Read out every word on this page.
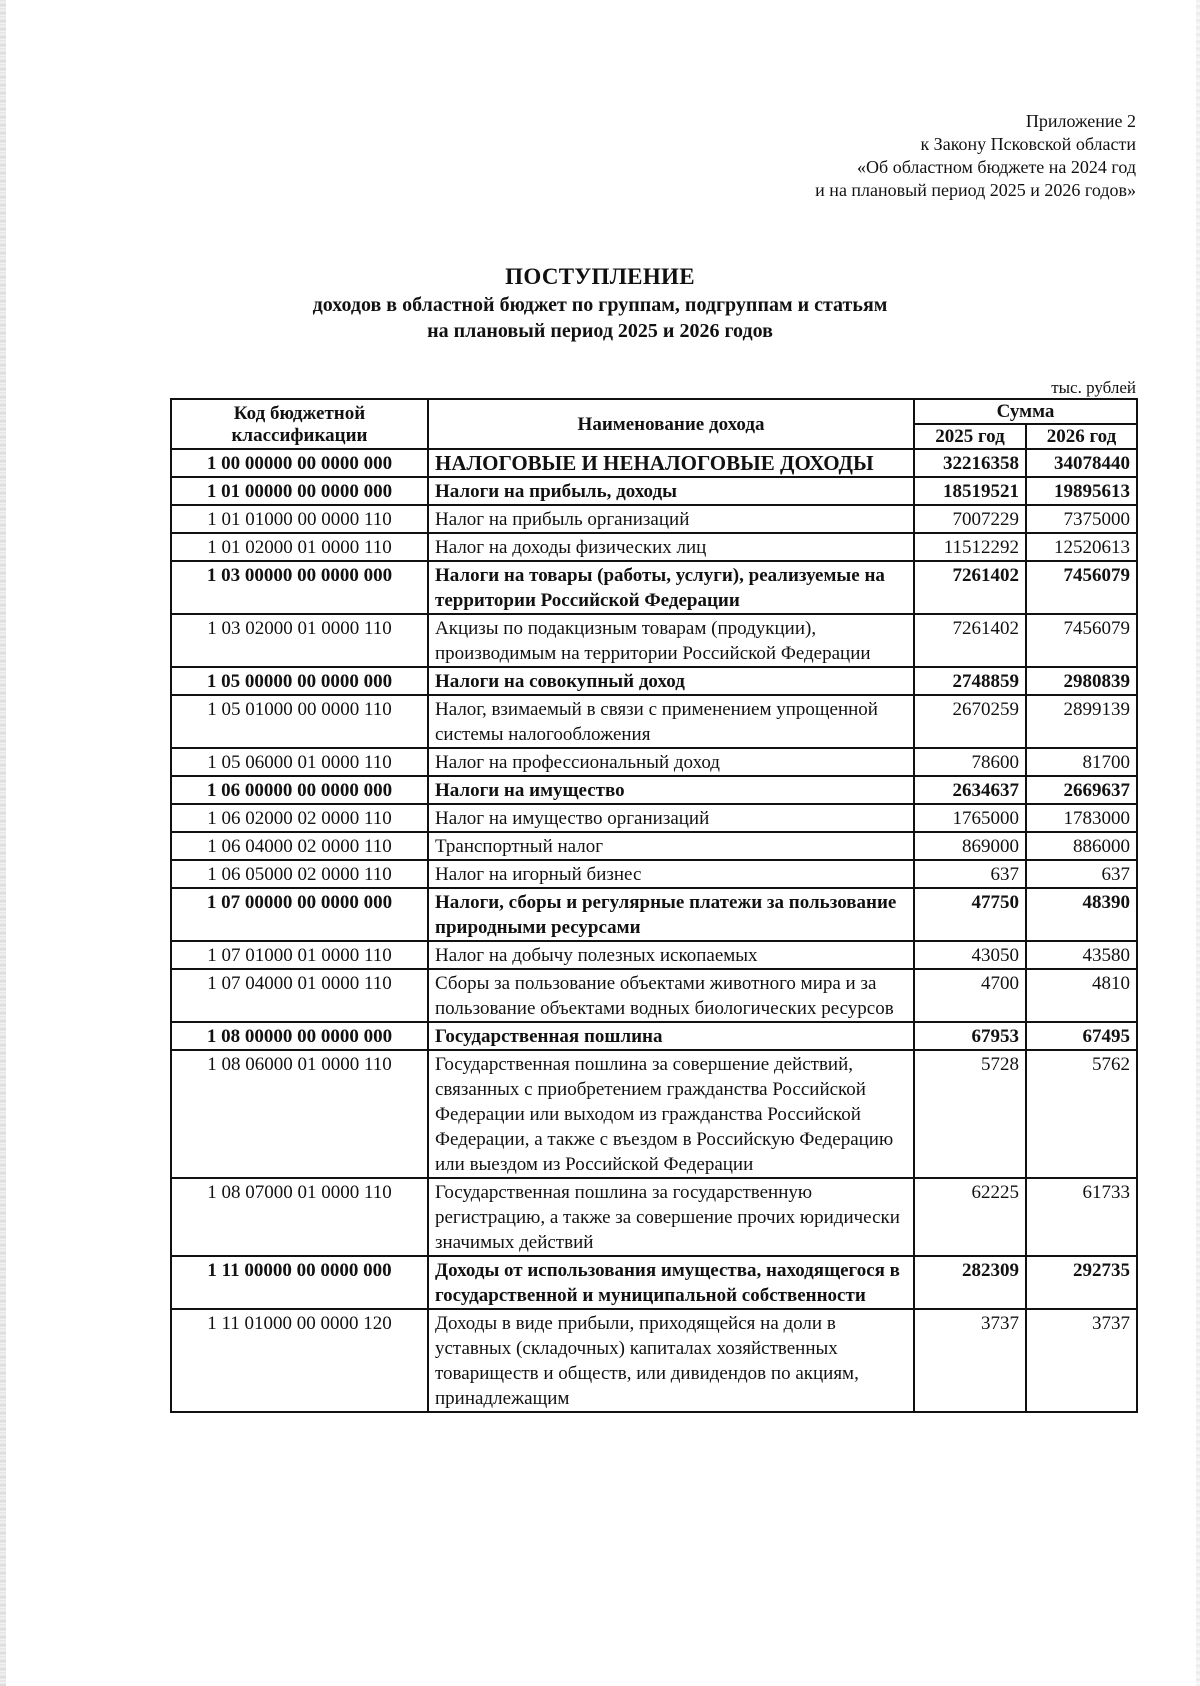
Приложение 2
к Закону Псковской области
«Об областном бюджете на 2024 год
и на плановый период 2025 и 2026 годов»
ПОСТУПЛЕНИЕ
доходов в областной бюджет по группам, подгруппам и статьям
на плановый период 2025 и 2026 годов
тыс. рублей
Код бюджетной классификации	Наименование дохода	Сумма	
		2025 год	2026 год
1 00 00000 00 0000 000	НАЛОГОВЫЕ И НЕНАЛОГОВЫЕ ДОХОДЫ	32216358	34078440
1 01 00000 00 0000 000	Налоги на прибыль, доходы	18519521	19895613
1 01 01000 00 0000 110	Налог на прибыль организаций	7007229	7375000
1 01 02000 01 0000 110	Налог на доходы физических лиц	11512292	12520613
1 03 00000 00 0000 000	Налоги на товары (работы, услуги), реализуемые на территории Российской Федерации	7261402	7456079
1 03 02000 01 0000 110	Акцизы по подакцизным товарам (продукции), производимым на территории Российской Федерации	7261402	7456079
1 05 00000 00 0000 000	Налоги на совокупный доход	2748859	2980839
1 05 01000 00 0000 110	Налог, взимаемый в связи с применением упрощенной системы налогообложения	2670259	2899139
1 05 06000 01 0000 110	Налог на профессиональный доход	78600	81700
1 06 00000 00 0000 000	Налоги на имущество	2634637	2669637
1 06 02000 02 0000 110	Налог на имущество организаций	1765000	1783000
1 06 04000 02 0000 110	Транспортный налог	869000	886000
1 06 05000 02 0000 110	Налог на игорный бизнес	637	637
1 07 00000 00 0000 000	Налоги, сборы и регулярные платежи за пользование природными ресурсами	47750	48390
1 07 01000 01 0000 110	Налог на добычу полезных ископаемых	43050	43580
1 07 04000 01 0000 110	Сборы за пользование объектами животного мира и за пользование объектами водных биологических ресурсов	4700	4810
1 08 00000 00 0000 000	Государственная пошлина	67953	67495
1 08 06000 01 0000 110	Государственная пошлина за совершение действий, связанных с приобретением гражданства Российской Федерации или выходом из гражданства Российской Федерации, а также с въездом в Российскую Федерацию или выездом из Российской Федерации	5728	5762
1 08 07000 01 0000 110	Государственная пошлина за государственную регистрацию, а также за совершение прочих юридически значимых действий	62225	61733
1 11 00000 00 0000 000	Доходы от использования имущества, находящегося в государственной и муниципальной собственности	282309	292735
1 11 01000 00 0000 120	Доходы в виде прибыли, приходящейся на доли в уставных (складочных) капиталах хозяйственных товариществ и обществ, или дивидендов по акциям, принадлежащим	3737	3737
